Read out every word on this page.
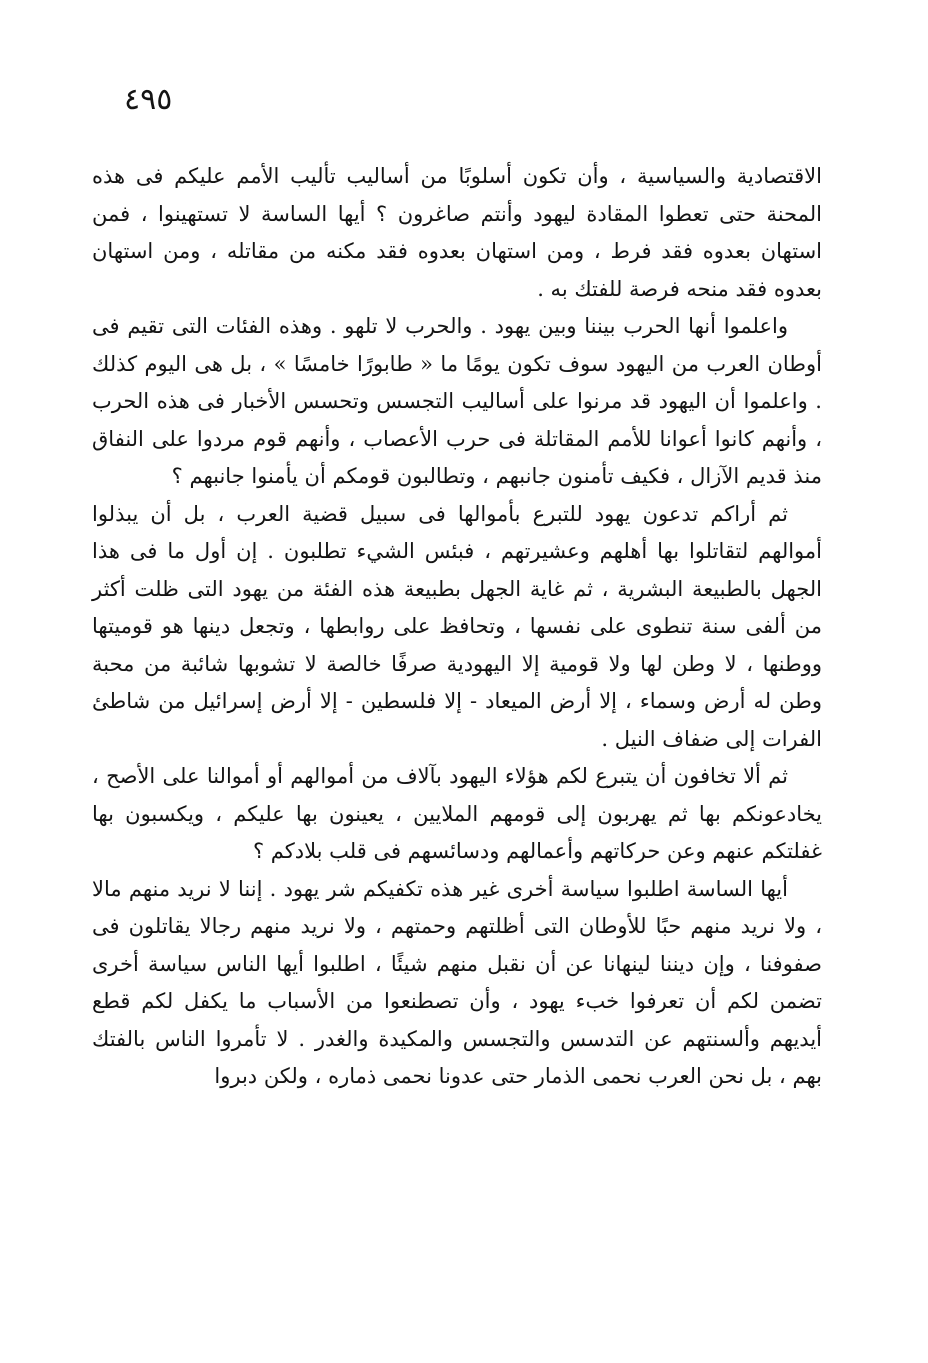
٤٩٥

الاقتصادية والسياسية ، وأن تكون أسلوبًا من أساليب تأليب الأمم عليكم فى هذه المحنة حتى تعطوا المقادة ليهود وأنتم صاغرون ؟ أيها الساسة لا تستهينوا ، فمن استهان بعدوه فقد فرط ، ومن استهان بعدوه فقد مكنه من مقاتله ، ومن استهان بعدوه فقد منحه فرصة للفتك به .

واعلموا أنها الحرب بيننا وبين يهود . والحرب لا تلهو . وهذه الفئات التى تقيم فى أوطان العرب من اليهود سوف تكون يومًا ما « طابورًا خامسًا » ، بل هى اليوم كذلك . واعلموا أن اليهود قد مرنوا على أساليب التجسس وتحسس الأخبار فى هذه الحرب ، وأنهم كانوا أعوانا للأمم المقاتلة فى حرب الأعصاب ، وأنهم قوم مردوا على النفاق منذ قديم الآزال ، فكيف تأمنون جانبهم ، وتطالبون قومكم أن يأمنوا جانبهم ؟

ثم أراكم تدعون يهود للتبرع بأموالها فى سبيل قضية العرب ، بل أن يبذلوا أموالهم لتقاتلوا بها أهلهم وعشيرتهم ، فبئس الشيء تطلبون . إن أول ما فى هذا الجهل بالطبيعة البشرية ، ثم غاية الجهل بطبيعة هذه الفئة من يهود التى ظلت أكثر من ألفى سنة تنطوى على نفسها ، وتحافظ على روابطها ، وتجعل دينها هو قوميتها ووطنها ، لا وطن لها ولا قومية إلا اليهودية صرفًا خالصة لا تشوبها شائبة من محبة وطن له أرض وسماء ، إلا أرض الميعاد - إلا فلسطين - إلا أرض إسرائيل من شاطئ الفرات إلى ضفاف النيل .

ثم ألا تخافون أن يتبرع لكم هؤلاء اليهود بآلاف من أموالهم أو أموالنا على الأصح ، يخادعونكم بها ثم يهربون إلى قومهم الملايين ، يعينون بها عليكم ، ويكسبون بها غفلتكم عنهم وعن حركاتهم وأعمالهم ودسائسهم فى قلب بلادكم ؟

أيها الساسة اطلبوا سياسة أخرى غير هذه تكفيكم شر يهود . إننا لا نريد منهم مالا ، ولا نريد منهم حبًا للأوطان التى أظلتهم وحمتهم ، ولا نريد منهم رجالا يقاتلون فى صفوفنا ، وإن ديننا لينهانا عن أن نقبل منهم شيئًا ، اطلبوا أيها الناس سياسة أخرى تضمن لكم أن تعرفوا خبء يهود ، وأن تصطنعوا من الأسباب ما يكفل لكم قطع أيديهم وألسنتهم عن التدسس والتجسس والمكيدة والغدر . لا تأمروا الناس بالفتك بهم ، بل نحن العرب نحمى الذمار حتى عدونا نحمى ذماره ، ولكن دبروا
